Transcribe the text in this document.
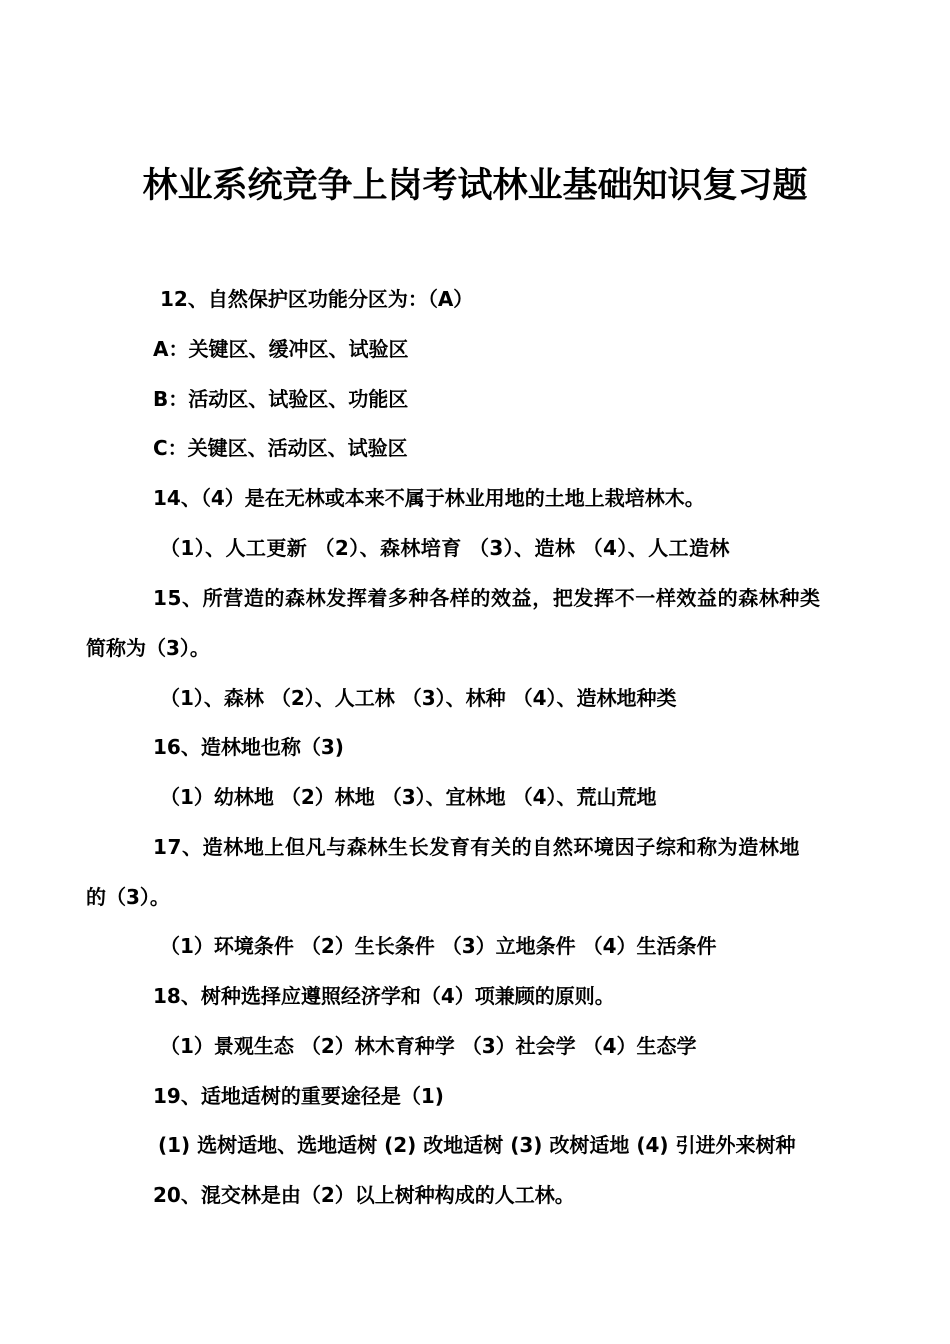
林业系统竞争上岗考试林业基础知识复习题
12、自然保护区功能分区为：（A）
A：关键区、缓冲区、试验区
B：活动区、试验区、功能区
C：关键区、活动区、试验区
14、（4）是在无林或本来不属于林业用地的土地上栽培林木。
（1）、人工更新 （2）、森林培育 （3）、造林 （4）、人工造林
15、所营造的森林发挥着多种各样的效益，把发挥不一样效益的森林种类
简称为（3）。
（1）、森林 （2）、人工林 （3）、林种 （4）、造林地种类
16、造林地也称（3)
（1）幼林地 （2）林地 （3）、宜林地 （4）、荒山荒地
17、造林地上但凡与森林生长发育有关的自然环境因子综和称为造林地
的（3）。
（1）环境条件 （2）生长条件 （3）立地条件 （4）生活条件
18、树种选择应遵照经济学和（4）项兼顾的原则。
（1）景观生态 （2）林木育种学 （3）社会学 （4）生态学
19、适地适树的重要途径是（1)
(1) 选树适地、选地适树 (2) 改地适树 (3) 改树适地 (4) 引进外来树种
20、混交林是由（2）以上树种构成的人工林。
